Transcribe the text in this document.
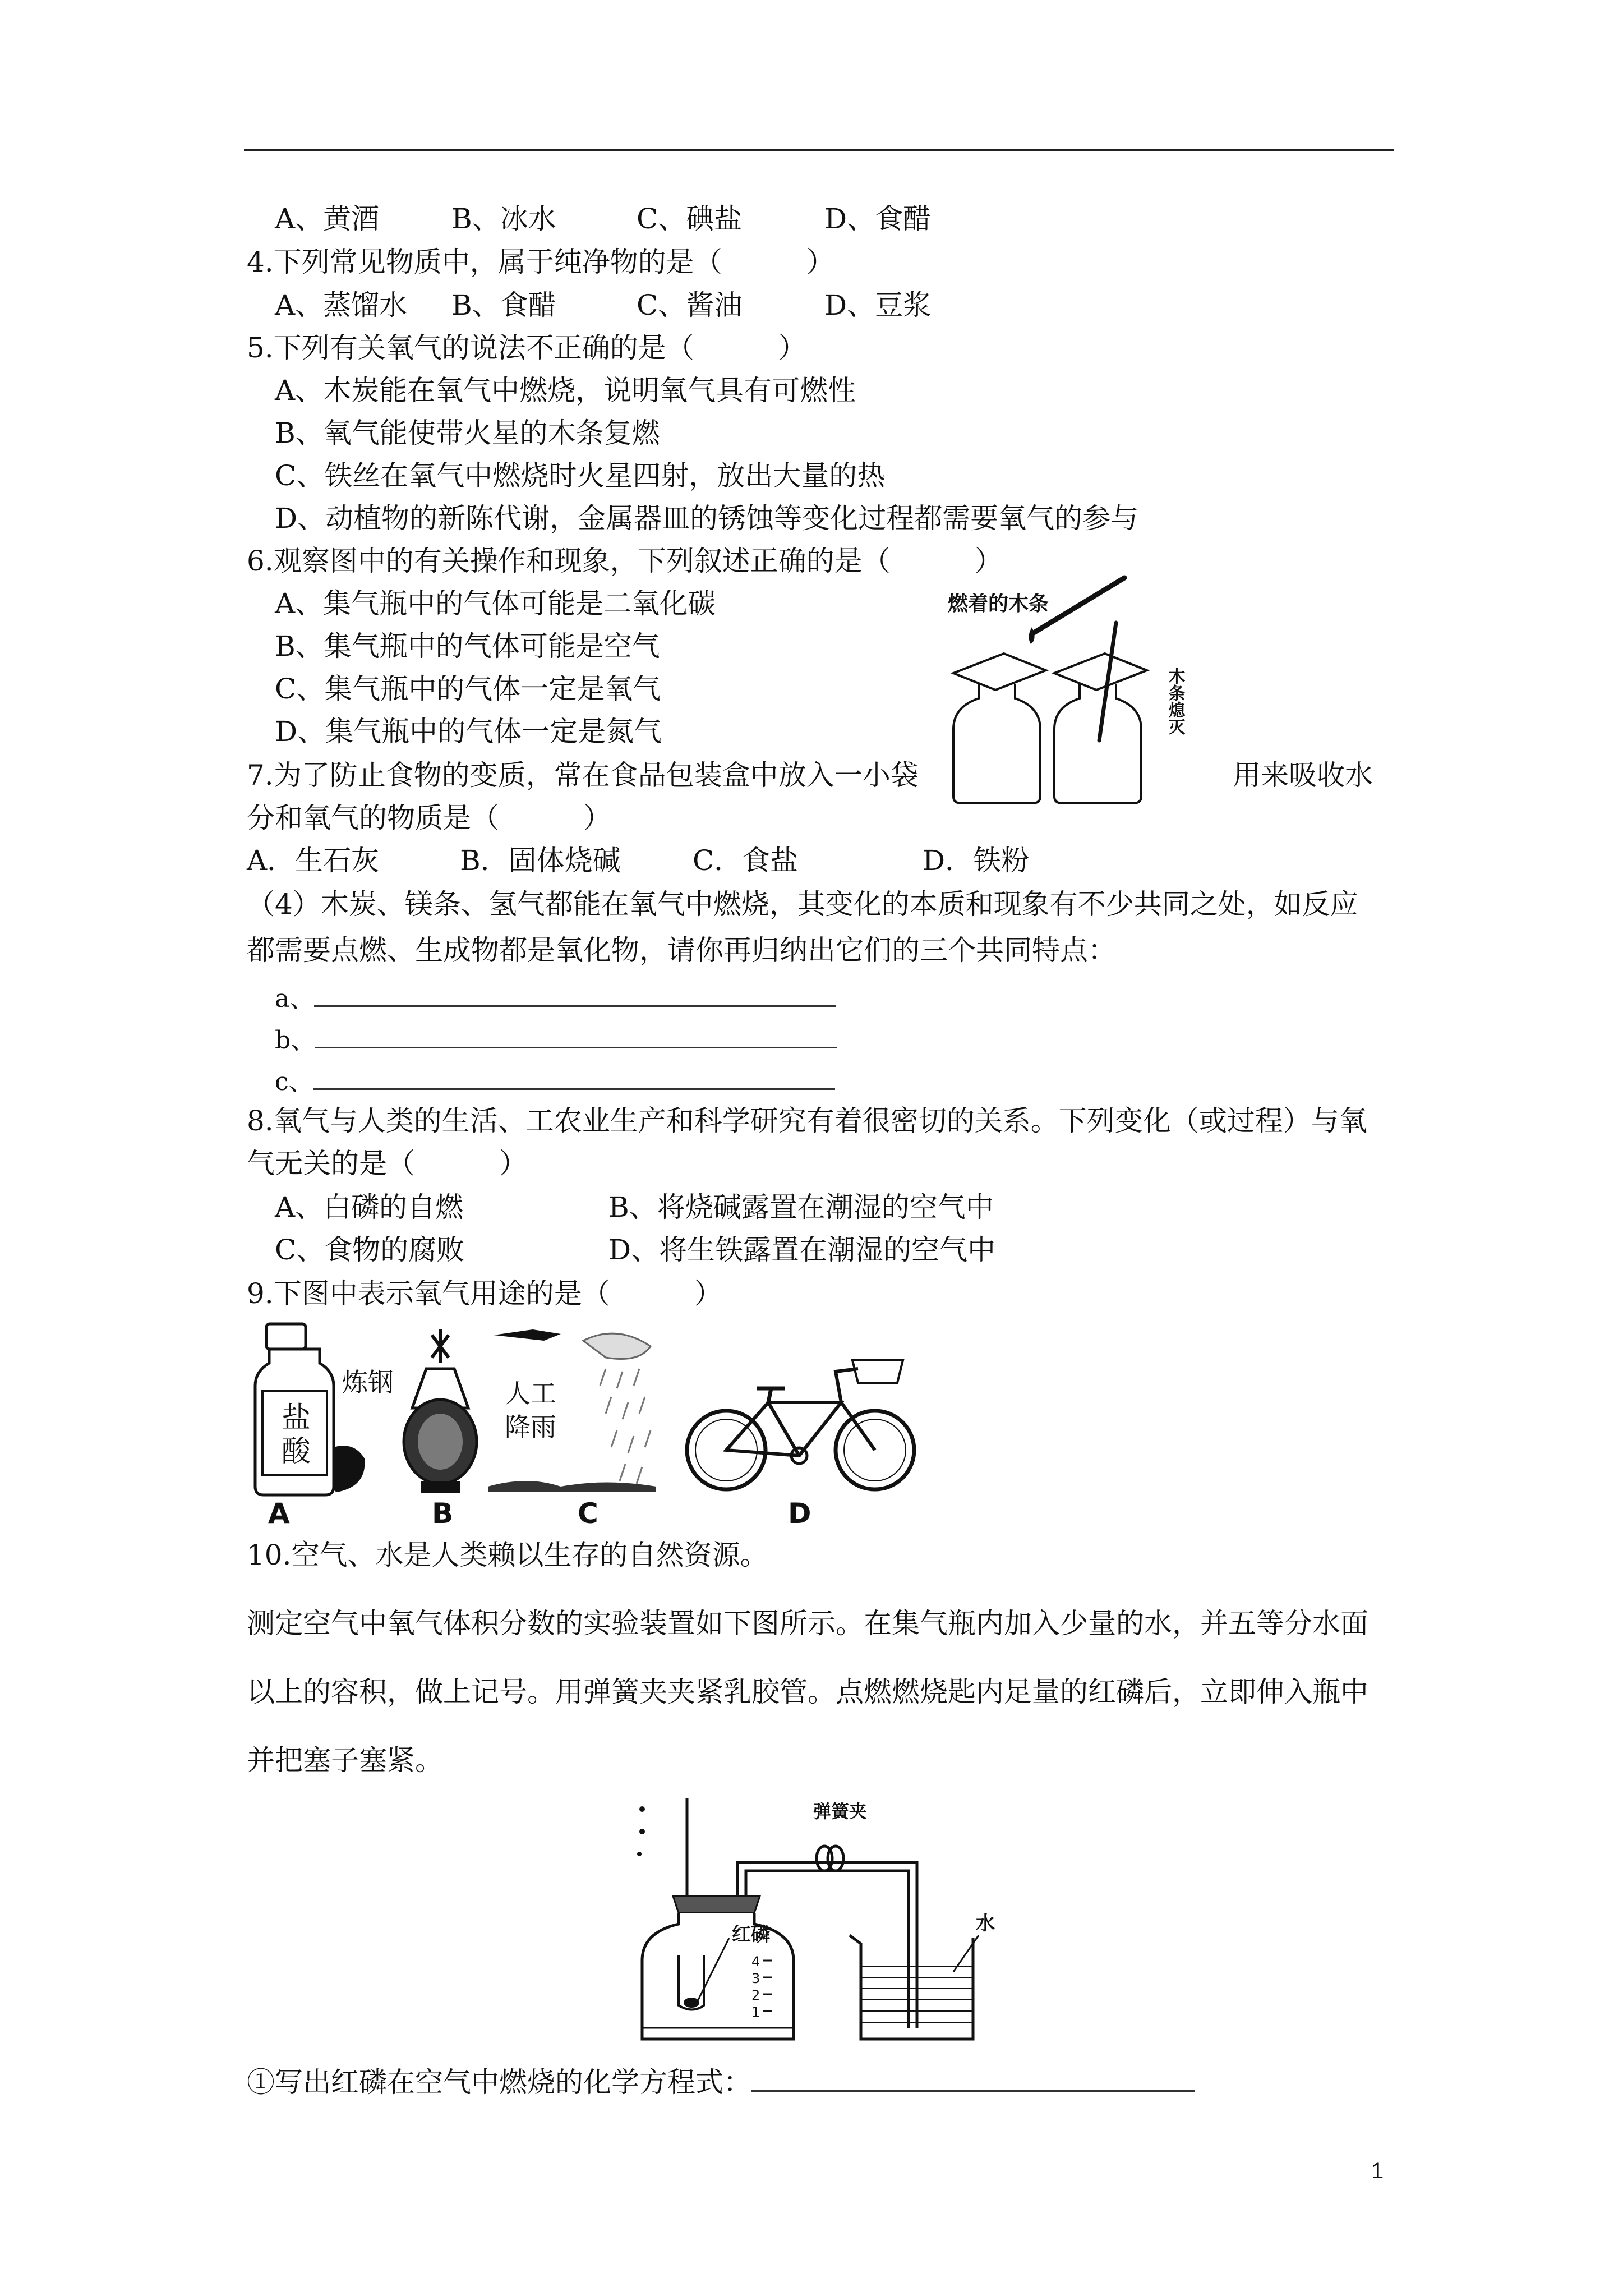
A、黄酒	B、冰水	C、碘盐	D、食醋
4.下列常见物质中，属于纯净物的是（　　　）
A、蒸馏水 B、食醋	C、酱油	D、豆浆
5.下列有关氧气的说法不正确的是（　　　）
A、木炭能在氧气中燃烧，说明氧气具有可燃性
B、氧气能使带火星的木条复燃
C、铁丝在氧气中燃烧时火星四射，放出大量的热
D、动植物的新陈代谢，金属器皿的锈蚀等变化过程都需要氧气的参与
6.观察图中的有关操作和现象，下列叙述正确的是（　　　）
A、集气瓶中的气体可能是二氧化碳
B、集气瓶中的气体可能是空气
C、集气瓶中的气体一定是氧气
D、集气瓶中的气体一定是氮气
燃着的木条
木条熄灭
7.为了防止食物的变质，常在食品包装盒中放入一小袋	用来吸收水
分和氧气的物质是（　　　）
A．生石灰	B．固体烧碱	C．食盐	D．铁粉
（4）木炭、镁条、氢气都能在氧气中燃烧，其变化的本质和现象有不少共同之处，如反应
都需要点燃、生成物都是氧化物，请你再归纳出它们的三个共同特点：
a、
b、
c、
8.氧气与人类的生活、工农业生产和科学研究有着很密切的关系。下列变化（或过程）与氧
气无关的是（　　　）
A、白磷的自燃	B、将烧碱露置在潮湿的空气中
C、食物的腐败	D、将生铁露置在潮湿的空气中
9.下图中表示氧气用途的是（　　　）
盐
酸
A
炼钢
B
人工
降雨
C	D
10.空气、水是人类赖以生存的自然资源。
测定空气中氧气体积分数的实验装置如下图所示。在集气瓶内加入少量的水，并五等分水面
以上的容积，做上记号。用弹簧夹夹紧乳胶管。点燃燃烧匙内足量的红磷后，立即伸入瓶中
并把塞子塞紧。
4
3
2
1
红磷
弹簧夹
水
①写出红磷在空气中燃烧的化学方程式：
1
